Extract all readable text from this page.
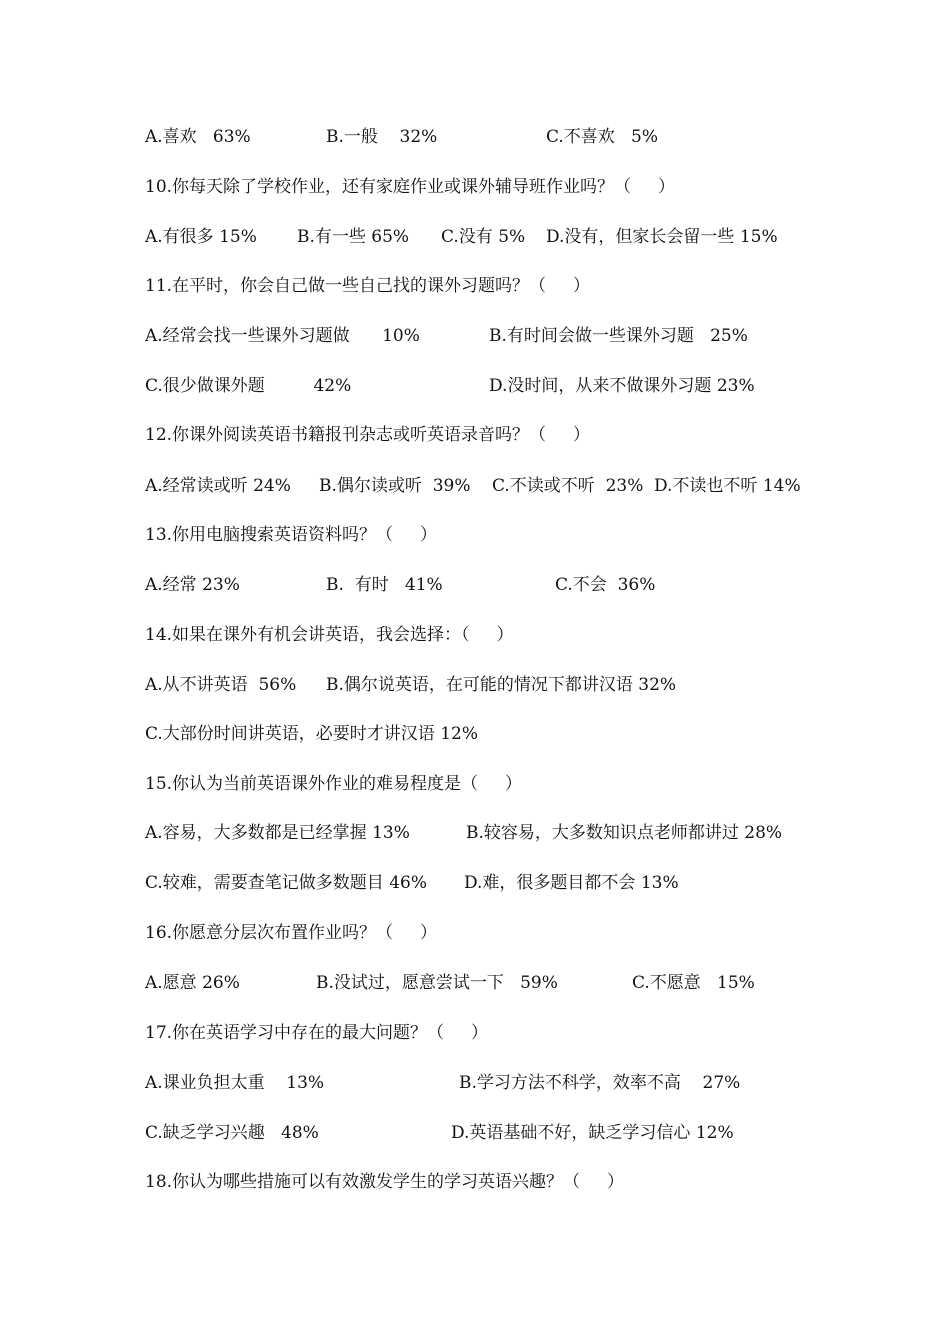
A.喜欢   63%

	B.一般    32%

	C.不喜欢   5%

10.你每天除了学校作业，还有家庭作业或课外辅导班作业吗？（     ）

A.有很多 15%

B.有一些 65%

C.没有 5%

D.没有，但家长会留一些 15%

11.在平时，你会自己做一些自己找的课外习题吗？（     ）

A.经常会找一些课外习题做      10%

	B.有时间会做一些课外习题   25%

C.很少做课外题         42%

	D.没时间，从来不做课外习题 23%

12.你课外阅读英语书籍报刊杂志或听英语录音吗？（     ）

A.经常读或听 24%

B.偶尔读或听  39%

C.不读或不听  23%

D.不读也不听 14%

13.你用电脑搜索英语资料吗？（     ）

A.经常 23%

	B.  有时   41%

	C.不会  36%

14.如果在课外有机会讲英语，我会选择：（     ）

A.从不讲英语  56%

B.偶尔说英语，在可能的情况下都讲汉语 32%

C.大部份时间讲英语，必要时才讲汉语 12%

15.你认为当前英语课外作业的难易程度是（     ）

A.容易，大多数都是已经掌握 13%

	B.较容易，大多数知识点老师都讲过 28%

C.较难，需要查笔记做多数题目 46%

D.难，很多题目都不会 13%

16.你愿意分层次布置作业吗？（     ）

A.愿意 26%

	B.没试过，愿意尝试一下   59%

	C.不愿意   15%

17.你在英语学习中存在的最大问题？（     ）

A.课业负担太重    13%

	B.学习方法不科学，效率不高    27%

C.缺乏学习兴趣   48%

	D.英语基础不好，缺乏学习信心 12%

18.你认为哪些措施可以有效激发学生的学习英语兴趣？（     ）
